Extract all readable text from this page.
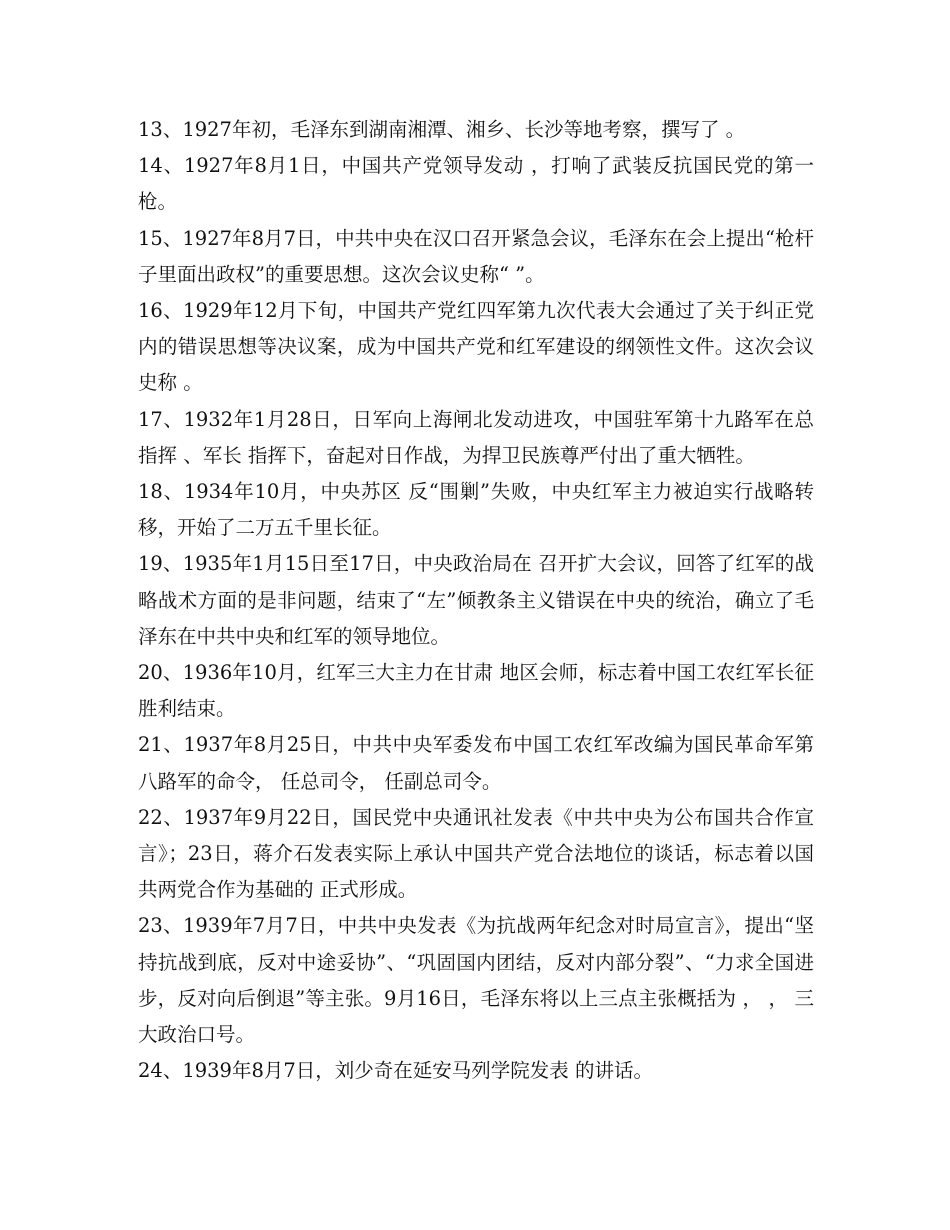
13、1927年初，毛泽东到湖南湘潭、湘乡、长沙等地考察，撰写了 。

14、1927年8月1日，中国共产党领导发动 ，打响了武装反抗国民党的第一枪。

15、1927年8月7日，中共中央在汉口召开紧急会议，毛泽东在会上提出“枪杆子里面出政权”的重要思想。这次会议史称“ ”。

16、1929年12月下旬，中国共产党红四军第九次代表大会通过了关于纠正党内的错误思想等决议案，成为中国共产党和红军建设的纲领性文件。这次会议史称 。

17、1932年1月28日，日军向上海闸北发动进攻，中国驻军第十九路军在总指挥 、军长 指挥下，奋起对日作战，为捍卫民族尊严付出了重大牺牲。

18、1934年10月，中央苏区 反“围剿”失败，中央红军主力被迫实行战略转移，开始了二万五千里长征。

19、1935年1月15日至17日，中央政治局在 召开扩大会议，回答了红军的战略战术方面的是非问题，结束了“左”倾教条主义错误在中央的统治，确立了毛泽东在中共中央和红军的领导地位。

20、1936年10月，红军三大主力在甘肃 地区会师，标志着中国工农红军长征胜利结束。

21、1937年8月25日，中共中央军委发布中国工农红军改编为国民革命军第八路军的命令， 任总司令， 任副总司令。

22、1937年9月22日，国民党中央通讯社发表《中共中央为公布国共合作宣言》；23日，蒋介石发表实际上承认中国共产党合法地位的谈话，标志着以国共两党合作为基础的 正式形成。

23、1939年7月7日，中共中央发表《为抗战两年纪念对时局宣言》，提出“坚持抗战到底，反对中途妥协”、“巩固国内团结，反对内部分裂”、“力求全国进步，反对向后倒退”等主张。9月16日，毛泽东将以上三点主张概括为 ， ， 三大政治口号。

24、1939年8月7日，刘少奇在延安马列学院发表 的讲话。
